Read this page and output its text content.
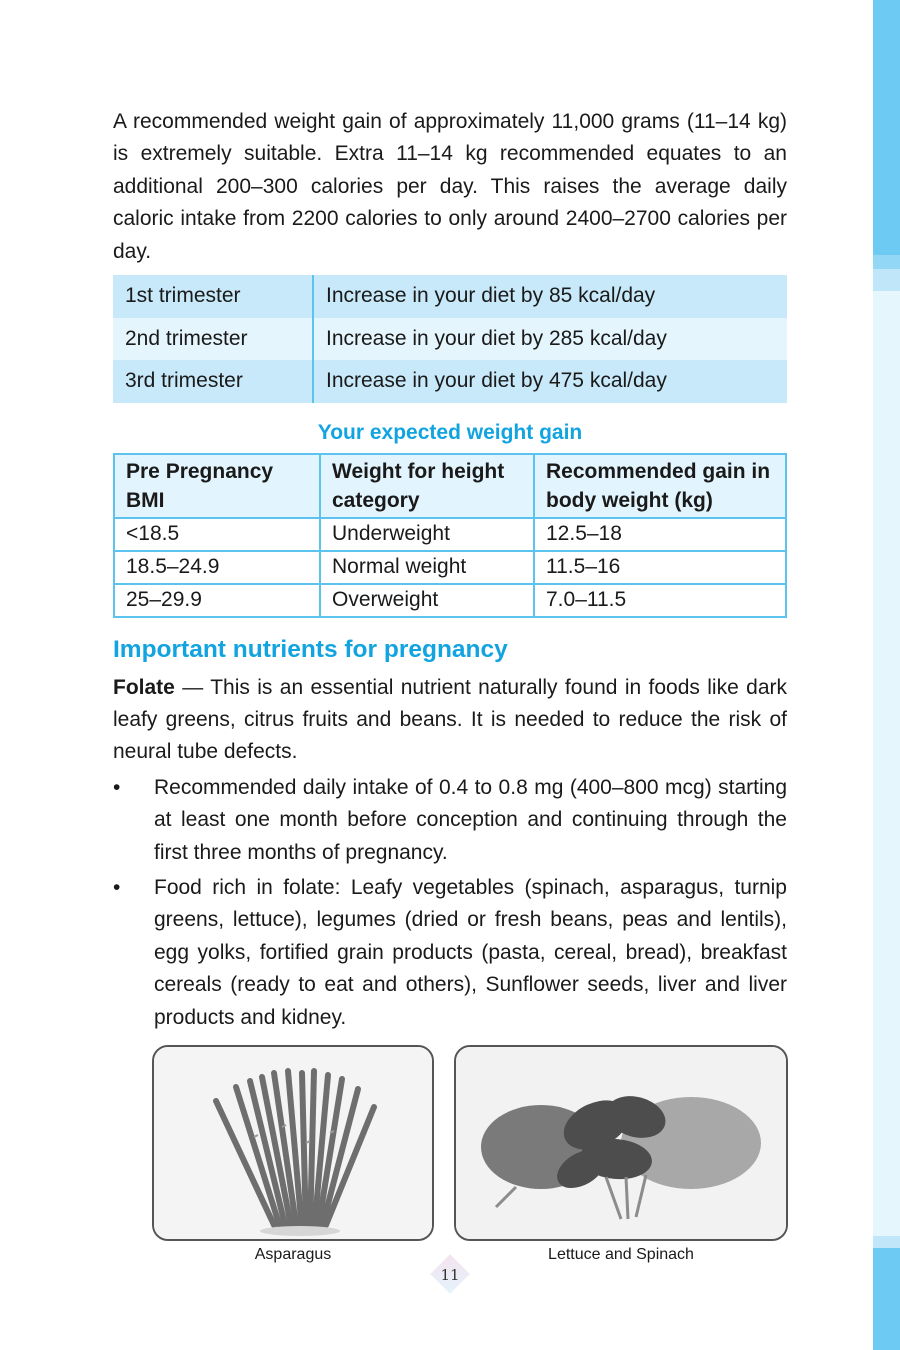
A recommended weight gain of approximately 11,000 grams (11–14 kg) is extremely suitable. Extra 11–14 kg recommended equates to an additional 200–300 calories per day. This raises the average daily caloric intake from 2200 calories to only around 2400–2700 calories per day.

1st trimester	Increase in your diet by 85 kcal/day
2nd trimester	Increase in your diet by 285 kcal/day
3rd trimester	Increase in your diet by 475 kcal/day
Your expected weight gain
Pre Pregnancy BMI	Weight for height category	Recommended gain in body weight (kg)
<18.5	Underweight	12.5–18
18.5–24.9	Normal weight	11.5–16
25–29.9	Overweight	7.0–11.5
Important nutrients for pregnancy

Folate — This is an essential nutrient naturally found in foods like dark leafy greens, citrus fruits and beans. It is needed to reduce the risk of neural tube defects.

• Recommended daily intake of 0.4 to 0.8 mg (400–800 mcg) starting at least one month before conception and continuing through the first three months of pregnancy.
• Food rich in folate: Leafy vegetables (spinach, asparagus, turnip greens, lettuce), legumes (dried or fresh beans, peas and lentils), egg yolks, fortified grain products (pasta, cereal, bread), breakfast cereals (ready to eat and others), Sunflower seeds, liver and liver products and kidney.
Asparagus	Lettuce and Spinach
11
